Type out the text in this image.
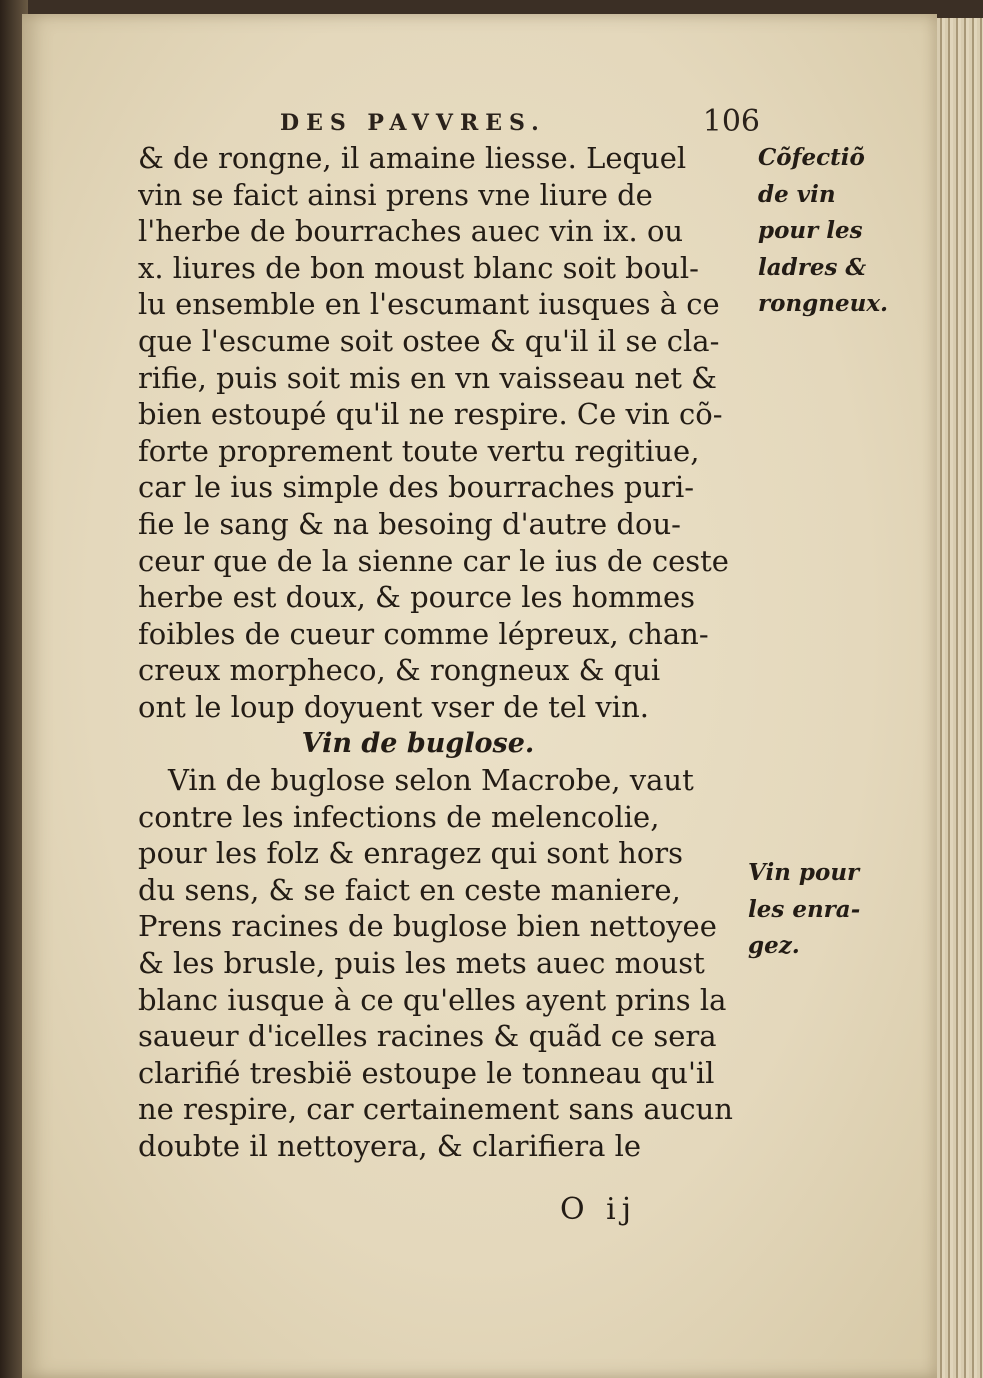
DES PAVVRES.	106
& de rongne, il amaine liesse. Lequel
vin se faict ainsi prens vne liure de
l'herbe de bourraches auec vin ix. ou
x. liures de bon moust blanc soit boul-
lu ensemble en l'escumant iusques à ce
que l'escume soit ostee & qu'il il se cla-
rifie, puis soit mis en vn vaisseau net &
bien estoupé qu'il ne respire. Ce vin cõ-
forte proprement toute vertu regitiue,
car le ius simple des bourraches puri-
fie le sang & na besoing d'autre dou-
ceur que de la sienne car le ius de ceste
herbe est doux, & pource les hommes
foibles de cueur comme lépreux, chan-
creux morpheco, & rongneux & qui
ont le loup doyuent vser de tel vin.
Vin de buglose.
Vin de buglose selon Macrobe, vaut
contre les infections de melencolie,
pour les folz & enragez qui sont hors
du sens, & se faict en ceste maniere,
Prens racines de buglose bien nettoyee
& les brusle, puis les mets auec moust
blanc iusque à ce qu'elles ayent prins la
saueur d'icelles racines & quãd ce sera
clarifié tresbië estoupe le tonneau qu'il
ne respire, car certainement sans aucun
doubte il nettoyera, & clarifiera le
Cõfectiõ
de vin
pour les
ladres &
rongneux.
Vin pour
les enra-
gez.
O ij
